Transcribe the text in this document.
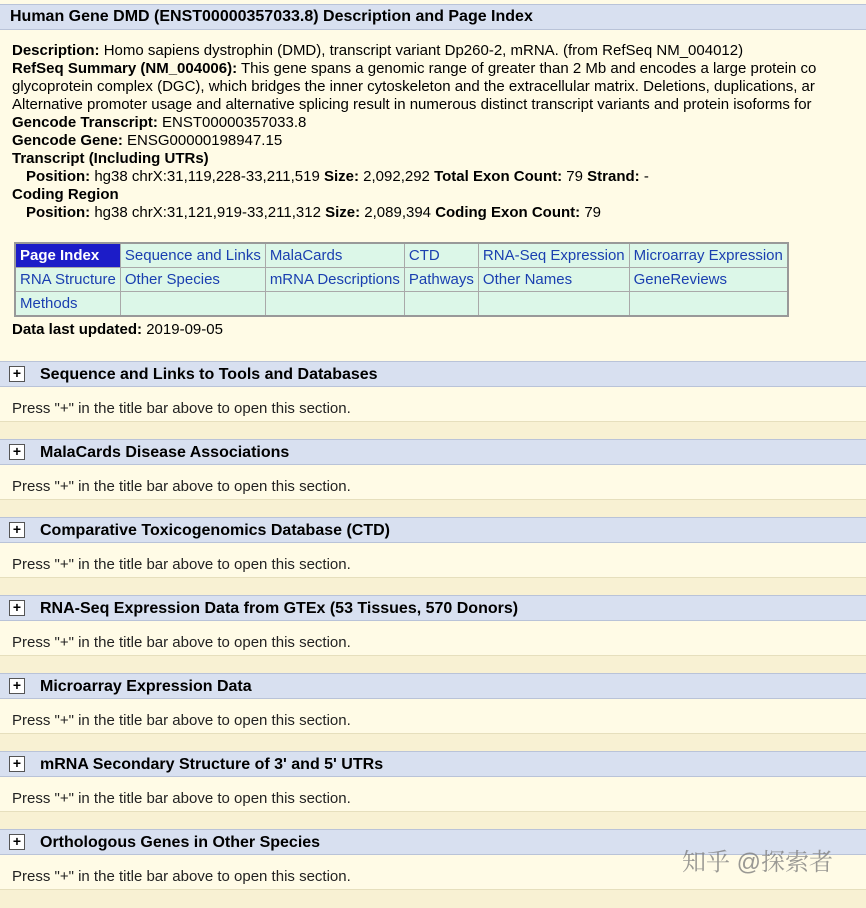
Human Gene DMD (ENST00000357033.8) Description and Page Index
Description: Homo sapiens dystrophin (DMD), transcript variant Dp260-2, mRNA. (from RefSeq NM_004012)
RefSeq Summary (NM_004006): This gene spans a genomic range of greater than 2 Mb and encodes a large protein co
glycoprotein complex (DGC), which bridges the inner cytoskeleton and the extracellular matrix. Deletions, duplications, ar
Alternative promoter usage and alternative splicing result in numerous distinct transcript variants and protein isoforms for
Gencode Transcript: ENST00000357033.8
Gencode Gene: ENSG00000198947.15
Transcript (Including UTRs)
Position: hg38 chrX:31,119,228-33,211,519 Size: 2,092,292 Total Exon Count: 79 Strand: -
Coding Region
Position: hg38 chrX:31,121,919-33,211,312 Size: 2,089,394 Coding Exon Count: 79
Page Index	Sequence and Links	MalaCards	CTD	RNA-Seq Expression	Microarray Expression
RNA Structure	Other Species	mRNA Descriptions	Pathways	Other Names	GeneReviews
Methods					
Data last updated: 2019-09-05
+ Sequence and Links to Tools and Databases
Press "+" in the title bar above to open this section.
+ MalaCards Disease Associations
Press "+" in the title bar above to open this section.
+ Comparative Toxicogenomics Database (CTD)
Press "+" in the title bar above to open this section.
+ RNA-Seq Expression Data from GTEx (53 Tissues, 570 Donors)
Press "+" in the title bar above to open this section.
+ Microarray Expression Data
Press "+" in the title bar above to open this section.
+ mRNA Secondary Structure of 3' and 5' UTRs
Press "+" in the title bar above to open this section.
+ Orthologous Genes in Other Species
Press "+" in the title bar above to open this section.
知乎 @探索者
